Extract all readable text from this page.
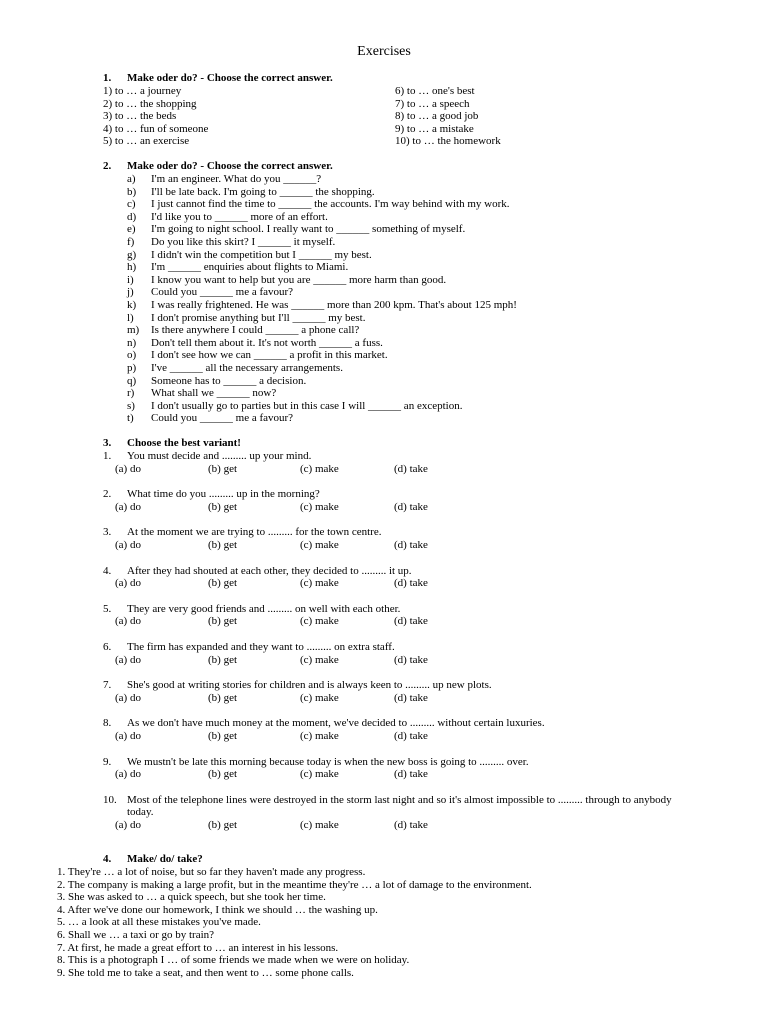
Exercises
1. Make oder do? - Choose the correct answer.
1) to … a journey
2) to … the shopping
3) to … the beds
4) to … fun of someone
5) to … an exercise
6) to … one's best
7) to … a speech
8) to … a good job
9) to … a mistake
10) to … the homework
2. Make oder do? - Choose the correct answer.
a) I'm an engineer. What do you ______?
b) I'll be late back. I'm going to ______ the shopping.
c) I just cannot find the time to ______ the accounts. I'm way behind with my work.
d) I'd like you to ______ more of an effort.
e) I'm going to night school. I really want to ______ something of myself.
f) Do you like this skirt? I ______ it myself.
g) I didn't win the competition but I ______ my best.
h) I'm ______ enquiries about flights to Miami.
i) I know you want to help but you are ______ more harm than good.
j) Could you ______ me a favour?
k) I was really frightened. He was ______ more than 200 kpm. That's about 125 mph!
l) I don't promise anything but I'll ______ my best.
m) Is there anywhere I could ______ a phone call?
n) Don't tell them about it. It's not worth ______ a fuss.
o) I don't see how we can ______ a profit in this market.
p) I've ______ all the necessary arrangements.
q) Someone has to ______ a decision.
r) What shall we ______ now?
s) I don't usually go to parties but in this case I will ______ an exception.
t) Could you ______ me a favour?
3. Choose the best variant!
1. You must decide and ......... up your mind.
(a) do	(b) get	(c) make	(d) take
2. What time do you ......... up in the morning?
(a) do	(b) get	(c) make	(d) take
3. At the moment we are trying to ......... for the town centre.
(a) do	(b) get	(c) make	(d) take
4. After they had shouted at each other, they decided to ......... it up.
(a) do	(b) get	(c) make	(d) take
5. They are very good friends and ......... on well with each other.
(a) do	(b) get	(c) make	(d) take
6. The firm has expanded and they want to ......... on extra staff.
(a) do	(b) get	(c) make	(d) take
7. She's good at writing stories for children and is always keen to ......... up new plots.
(a) do	(b) get	(c) make	(d) take
8. As we don't have much money at the moment, we've decided to ......... without certain luxuries.
(a) do	(b) get	(c) make	(d) take
9. We mustn't be late this morning because today is when the new boss is going to ......... over.
(a) do	(b) get	(c) make	(d) take
10. Most of the telephone lines were destroyed in the storm last night and so it's almost impossible to ......... through to anybody today.
(a) do	(b) get	(c) make	(d) take
4. Make/ do/ take?
1. They're … a lot of noise, but so far they haven't made any progress.
2. The company is making a large profit, but in the meantime they're … a lot of damage to the environment.
3. She was asked to … a quick speech, but she took her time.
4. After we've done our homework, I think we should … the washing up.
5. … a look at all these mistakes you've made.
6. Shall we … a taxi or go by train?
7. At first, he made a great effort to … an interest in his lessons.
8. This is a photograph I … of some friends we made when we were on holiday.
9. She told me to take a seat, and then went to … some phone calls.
